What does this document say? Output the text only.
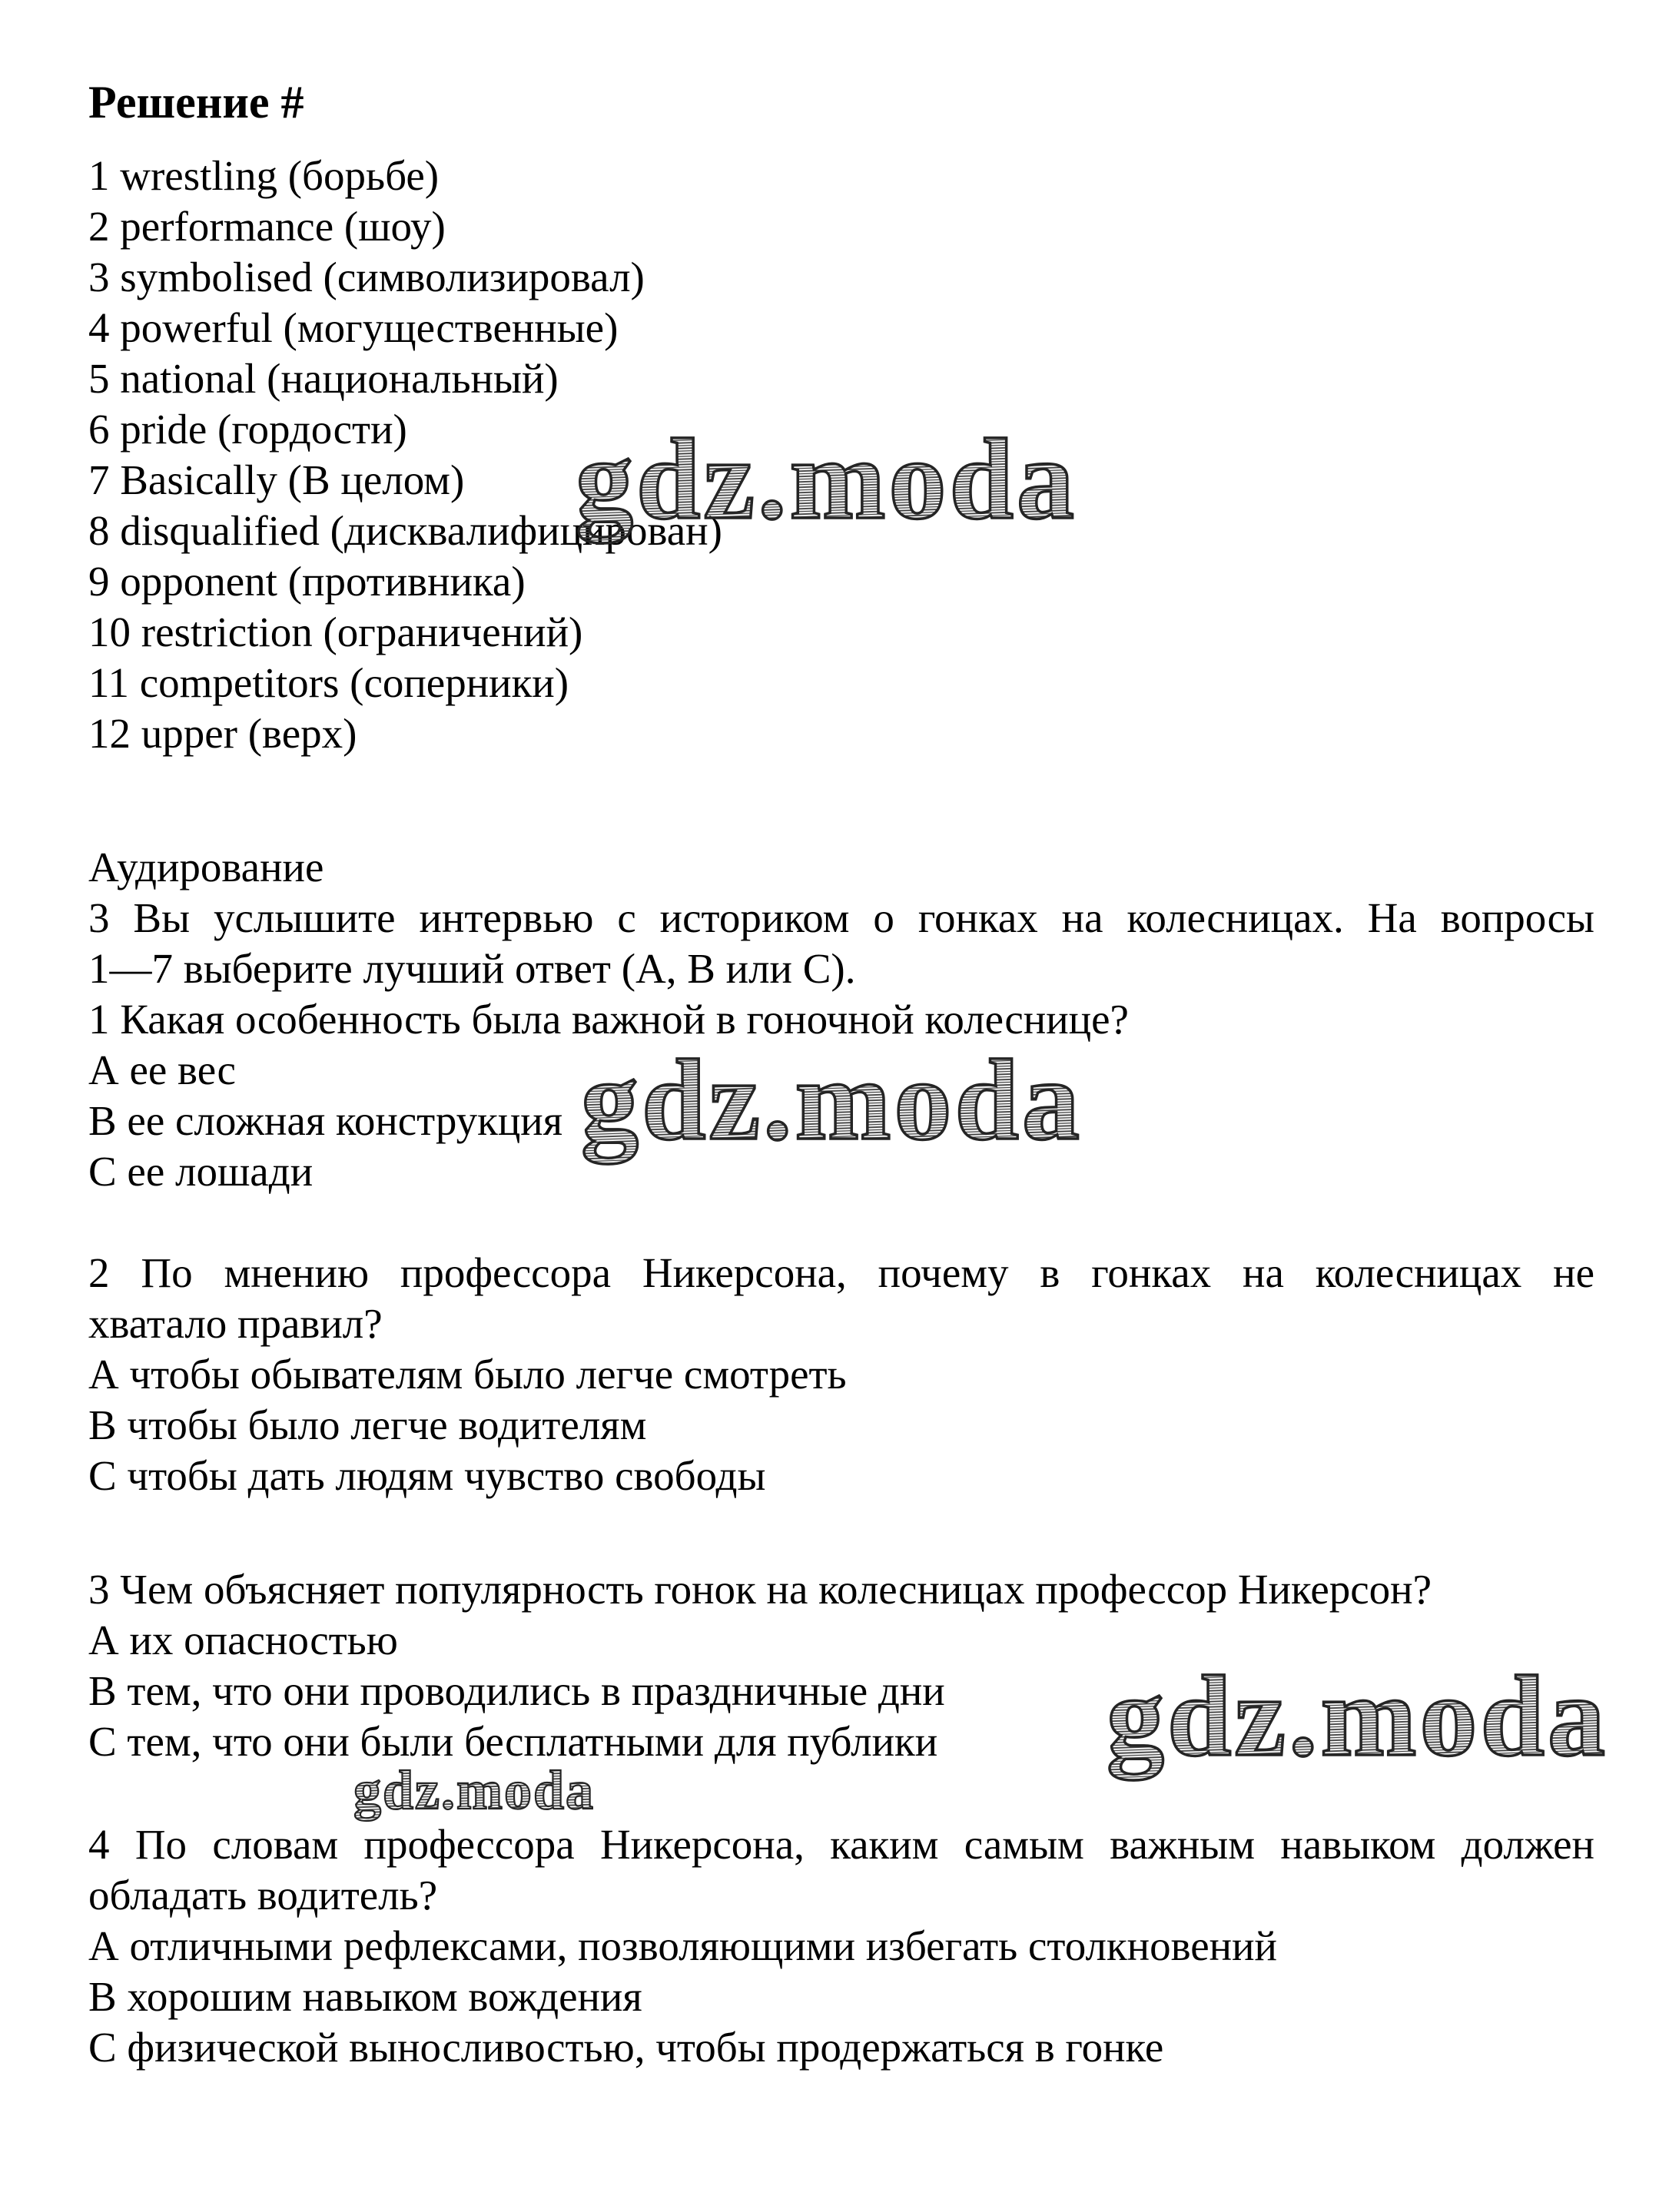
Решение #
1 wrestling (борьбе)
2 performance (шоу)
3 symbolised (символизировал)
4 powerful (могущественные)
5 national (национальный)
6 pride (гордости)
7 Basically (В целом)
8 disqualified (дисквалифицирован)
9 opponent (противника)
10 restriction (ограничений)
11 competitors (соперники)
12 upper (верх)
Аудирование
3 Вы услышите интервью с историком о гонках на колесницах. На вопросы
1—7 выберите лучший ответ (А, В или С).
1 Какая особенность была важной в гоночной колеснице?
А ее вес
В ее сложная конструкция
С ее лошади
2 По мнению профессора Никерсона, почему в гонках на колесницах не
хватало правил?
А чтобы обывателям было легче смотреть
В чтобы было легче водителям
С чтобы дать людям чувство свободы
3 Чем объясняет популярность гонок на колесницах профессор Никерсон?
А их опасностью
В тем, что они проводились в праздничные дни
С тем, что они были бесплатными для публики
4 По словам профессора Никерсона, каким самым важным навыком должен
обладать водитель?
А отличными рефлексами, позволяющими избегать столкновений
В хорошим навыком вождения
С физической выносливостью, чтобы продержаться в гонке
gdz.moda
gdz.moda
gdz.moda
gdz.moda
